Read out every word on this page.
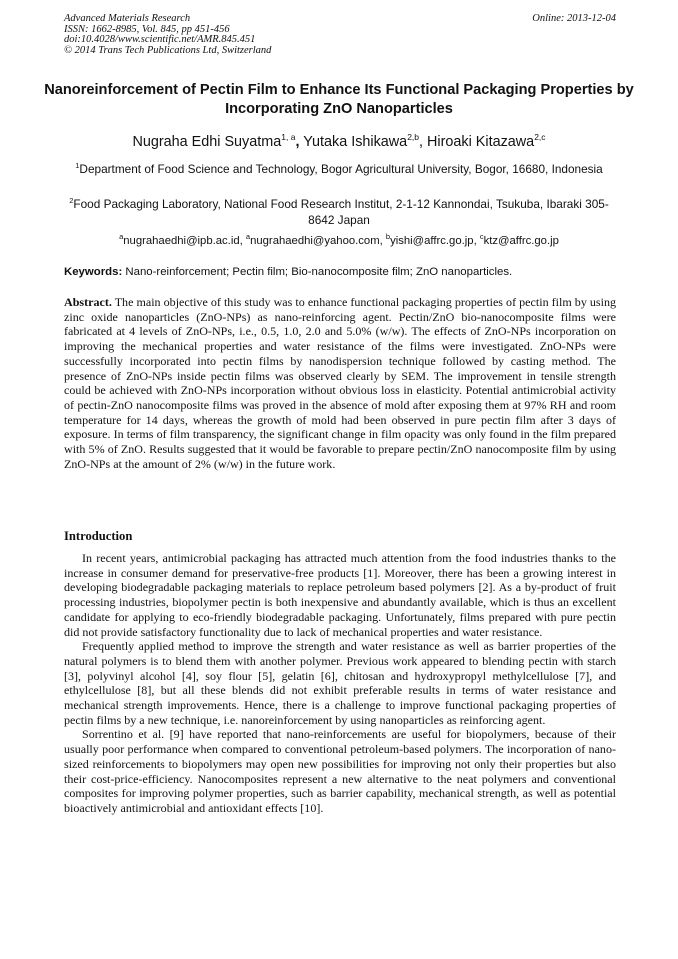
Advanced Materials Research
ISSN: 1662-8985, Vol. 845, pp 451-456
doi:10.4028/www.scientific.net/AMR.845.451
© 2014 Trans Tech Publications Ltd, Switzerland
Online: 2013-12-04
Nanoreinforcement of Pectin Film to Enhance Its Functional Packaging Properties by Incorporating ZnO Nanoparticles
Nugraha Edhi Suyatma$^{1, a}$, Yutaka Ishikawa$^{2,b}$, Hiroaki Kitazawa$^{2,c}$
$^1$Department of Food Science and Technology, Bogor Agricultural University, Bogor, 16680, Indonesia
$^2$Food Packaging Laboratory, National Food Research Institut, 2-1-12 Kannondai, Tsukuba, Ibaraki 305-8642 Japan
$^a$nugrahaedhi@ipb.ac.id, $^a$nugrahaedhi@yahoo.com, $^b$yishi@affrc.go.jp, $^c$ktz@affrc.go.jp
Keywords: Nano-reinforcement; Pectin film; Bio-nanocomposite film; ZnO nanoparticles.

Abstract. The main objective of this study was to enhance functional packaging properties of pectin film by using zinc oxide nanoparticles (ZnO-NPs) as nano-reinforcing agent. Pectin/ZnO bio-nanocomposite films were fabricated at 4 levels of ZnO-NPs, i.e., 0.5, 1.0, 2.0 and 5.0% (w/w). The effects of ZnO-NPs incorporation on improving the mechanical properties and water resistance of the films were investigated. ZnO-NPs were successfully incorporated into pectin films by nanodispersion technique followed by casting method. The presence of ZnO-NPs inside pectin films was observed clearly by SEM. The improvement in tensile strength could be achieved with ZnO-NPs incorporation without obvious loss in elasticity. Potential antimicrobial activity of pectin-ZnO nanocomposite films was proved in the absence of mold after exposing them at 97% RH and room temperature for 14 days, whereas the growth of mold had been observed in pure pectin film after 3 days of exposure. In terms of film transparency, the significant change in film opacity was only found in the film prepared with 5% of ZnO. Results suggested that it would be favorable to prepare pectin/ZnO nanocomposite film by using ZnO-NPs at the amount of 2% (w/w) in the future work.

Introduction

In recent years, antimicrobial packaging has attracted much attention from the food industries thanks to the increase in consumer demand for preservative-free products [1]. Moreover, there has been a growing interest in developing biodegradable packaging materials to replace petroleum based polymers [2]. As a by-product of fruit processing industries, biopolymer pectin is both inexpensive and abundantly available, which is thus an excellent candidate for applying to eco-friendly biodegradable packaging. Unfortunately, films prepared with pure pectin did not provide satisfactory functionality due to lack of mechanical properties and water resistance.

Frequently applied method to improve the strength and water resistance as well as barrier properties of the natural polymers is to blend them with another polymer. Previous work appeared to blending pectin with starch [3], polyvinyl alcohol [4], soy flour [5], gelatin [6], chitosan and hydroxypropyl methylcellulose [7], and ethylcellulose [8], but all these blends did not exhibit preferable results in terms of water resistance and mechanical strength improvements. Hence, there is a challenge to improve functional packaging properties of pectin films by a new technique, i.e. nanoreinforcement by using nanoparticles as reinforcing agent.

Sorrentino et al. [9] have reported that nano-reinforcements are useful for biopolymers, because of their usually poor performance when compared to conventional petroleum-based polymers. The incorporation of nano-sized reinforcements to biopolymers may open new possibilities for improving not only their properties but also their cost-price-efficiency. Nanocomposites represent a new alternative to the neat polymers and conventional composites for improving polymer properties, such as barrier capability, mechanical strength, as well as potential bioactively antimicrobial and antioxidant effects [10].
